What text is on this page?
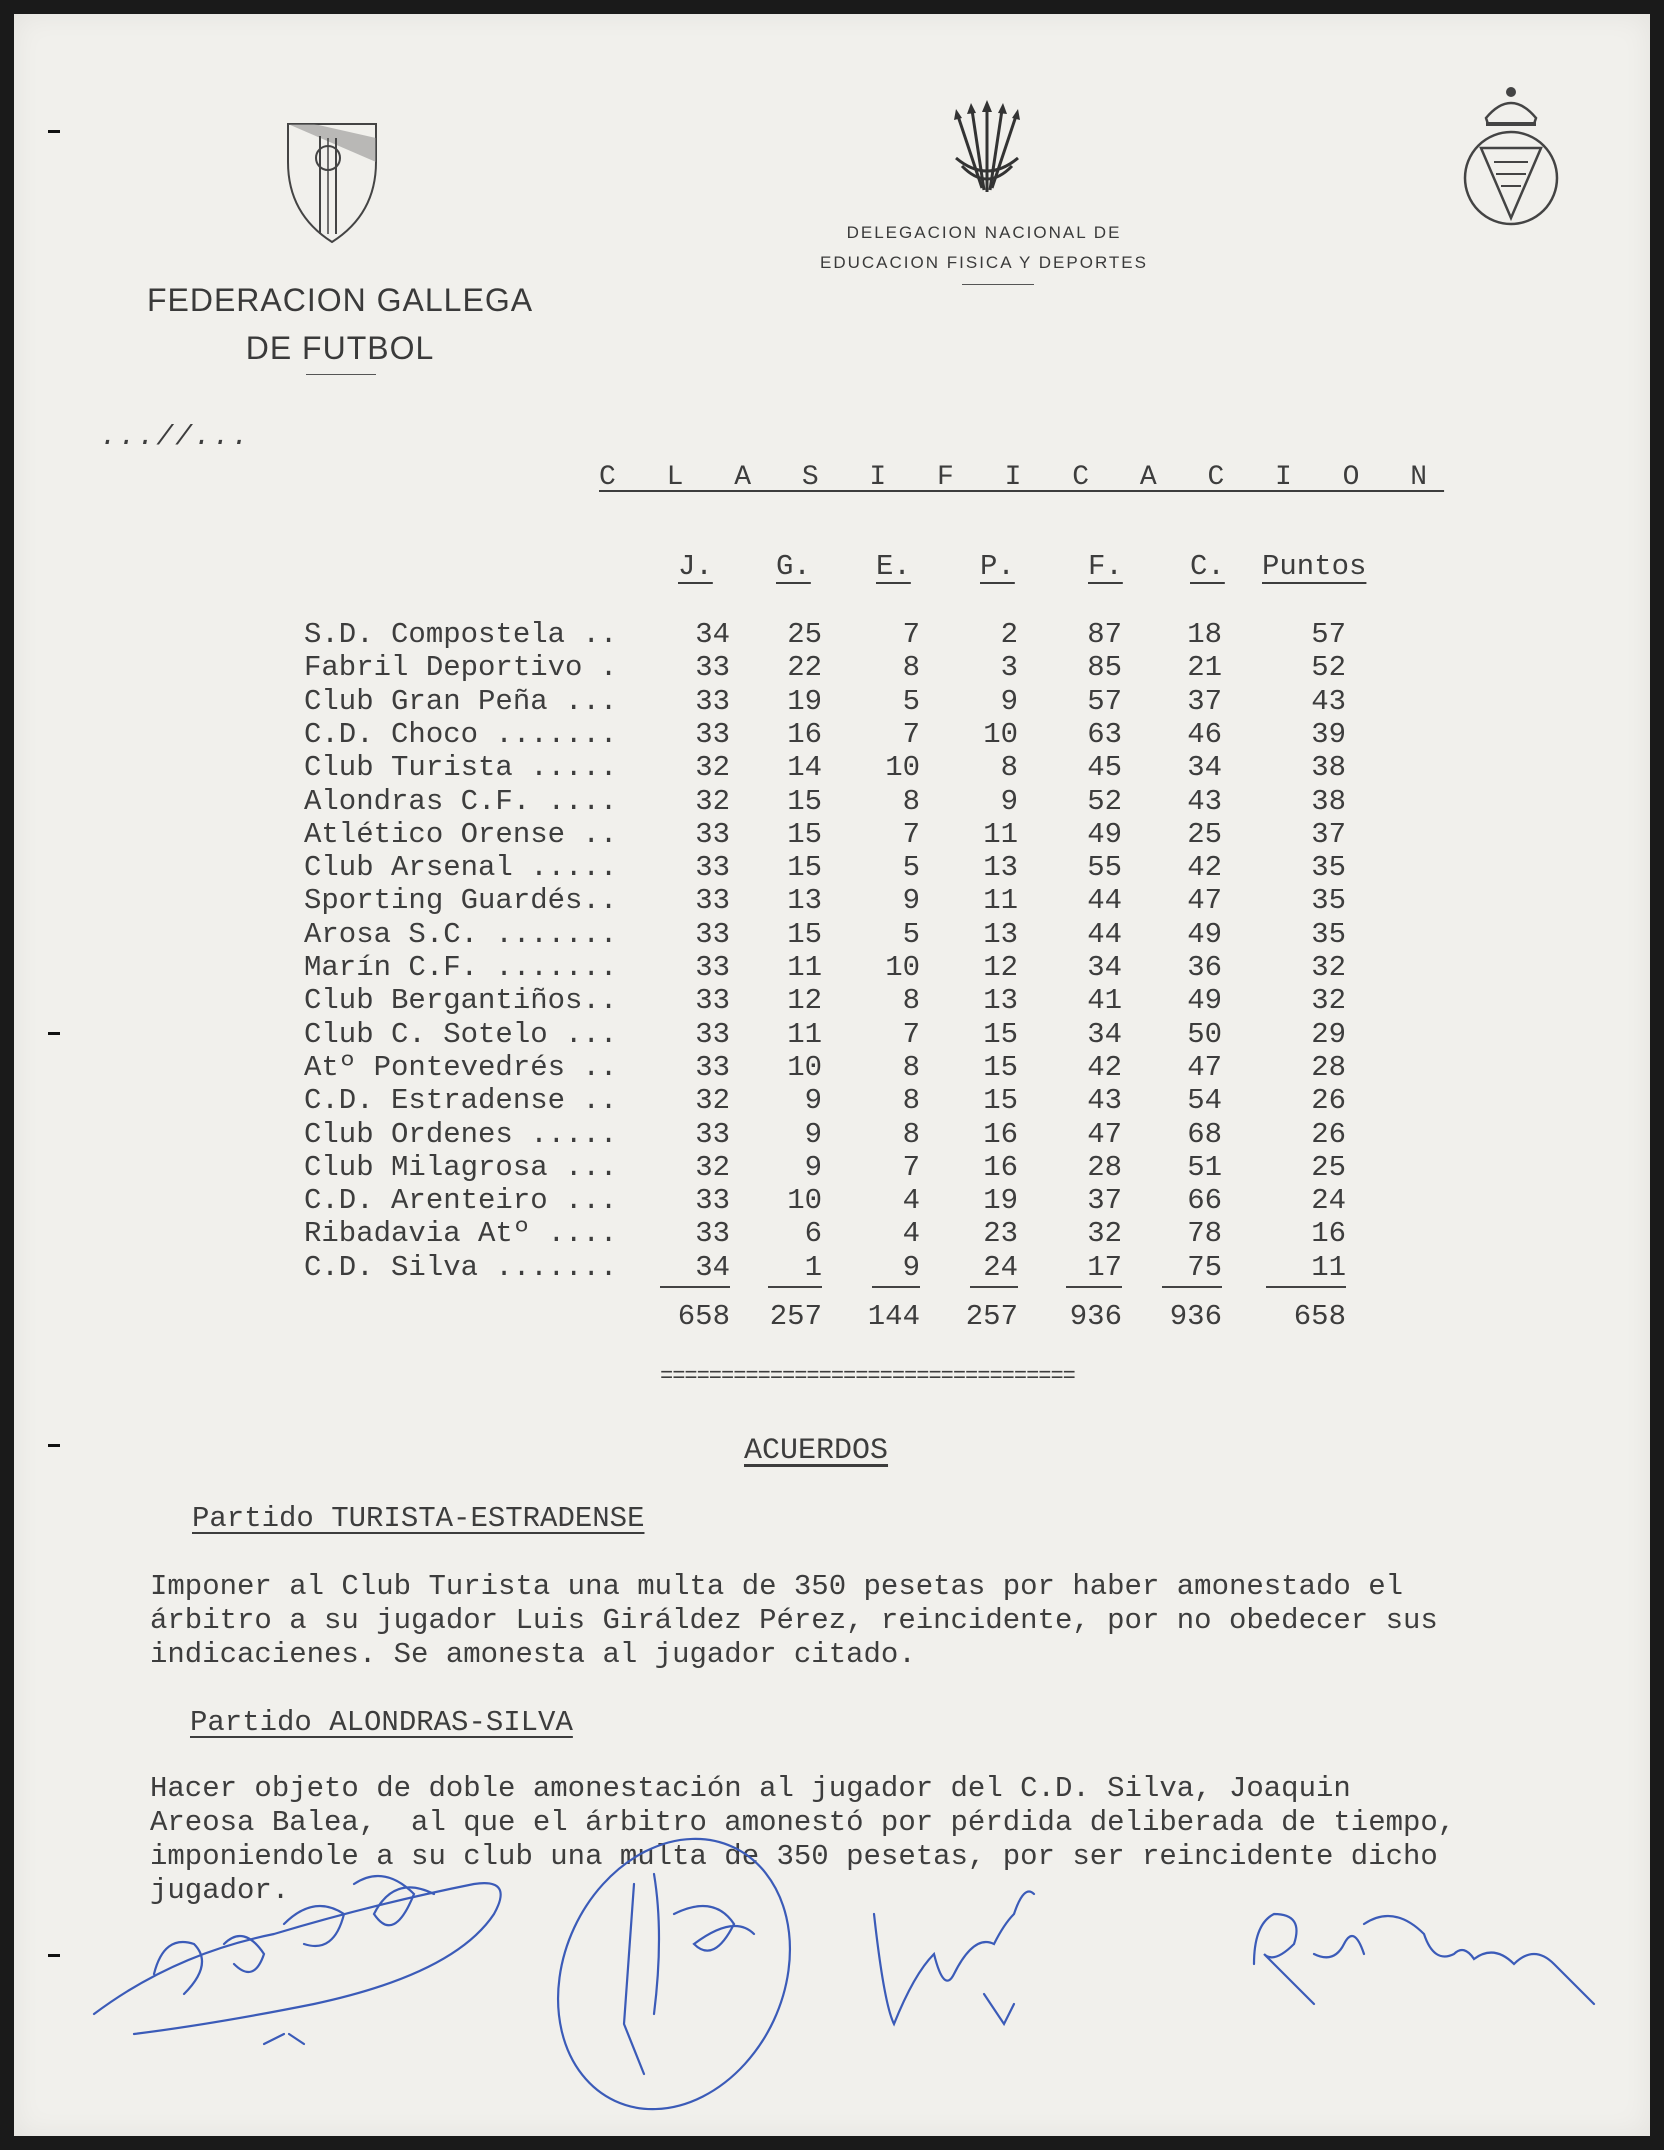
FEDERACION GALLEGA
DE FUTBOL
DELEGACION NACIONAL DE
EDUCACION FISICA Y DEPORTES
...//...
C L A S I F I C A C I O N
J. G. E. P.	F. C. Puntos
S.D. Compostela ..	34	25	7	2	87	18	57
Fabril Deportivo .	33	22	8	3	85	21	52
Club Gran Peña ...	33	19	5	9	57	37	43
C.D. Choco .......	33	16	7	10	63	46	39
Club Turista .....	32	14	10	8	45	34	38
Alondras C.F. ....	32	15	8	9	52	43	38
Atlético Orense ..	33	15	7	11	49	25	37
Club Arsenal .....	33	15	5	13	55	42	35
Sporting Guardés..	33	13	9	11	44	47	35
Arosa S.C. .......	33	15	5	13	44	49	35
Marín C.F. .......	33	11	10	12	34	36	32
Club Bergantiños..	33	12	8	13	41	49	32
Club C. Sotelo ...	33	11	7	15	34	50	29
Atº Pontevedrés ..	33	10	8	15	42	47	28
C.D. Estradense ..	32	9	8	15	43	54	26
Club Ordenes .....	33	9	8	16	47	68	26
Club Milagrosa ...	32	9	7	16	28	51	25
C.D. Arenteiro ...	33	10	4	19	37	66	24
Ribadavia Atº ....	33	6	4	23	32	78	16
C.D. Silva .......	34	1	9	24	17	75	11
658	257	144	257	936	936	658
==================================
ACUERDOS
Partido TURISTA-ESTRADENSE
Imponer al Club Turista una multa de 350 pesetas por haber amonestado el
árbitro a su jugador Luis Giráldez Pérez, reincidente, por no obedecer sus
indicacienes. Se amonesta al jugador citado.
Partido ALONDRAS-SILVA
Hacer objeto de doble amonestación al jugador del C.D. Silva, Joaquin
Areosa Balea,  al que el árbitro amonestó por pérdida deliberada de tiempo,
imponiendole a su club una multa de 350 pesetas, por ser reincidente dicho
jugador.
